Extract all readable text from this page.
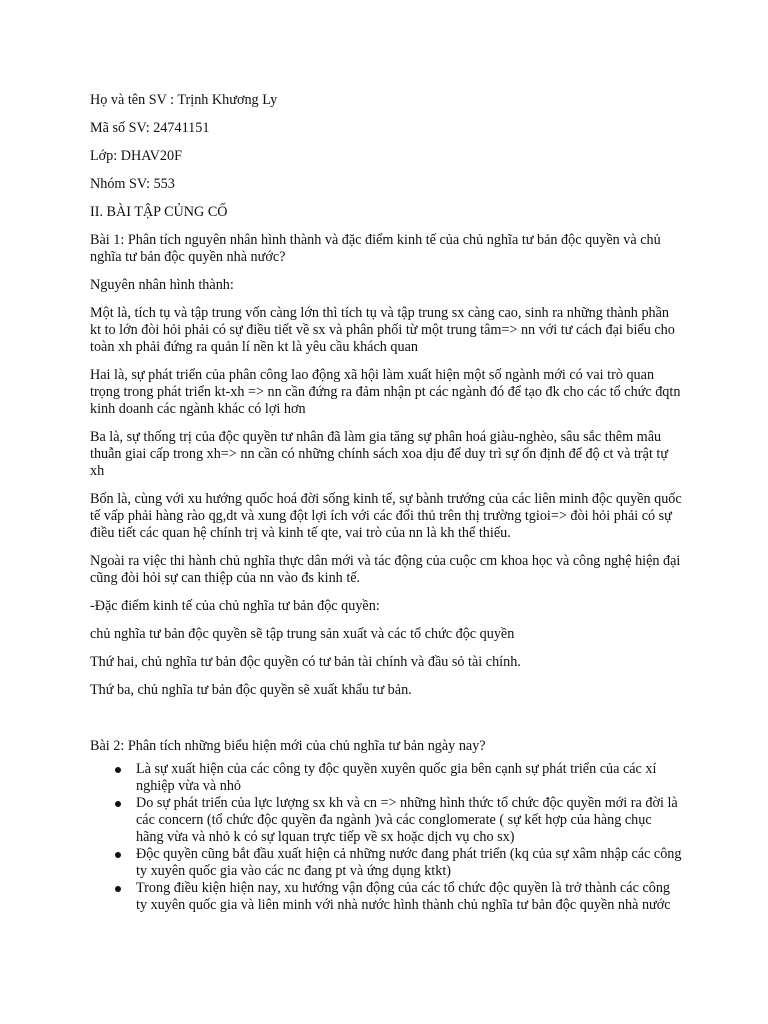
Họ và tên SV : Trịnh Khương Ly

Mã số SV: 24741151

Lớp: DHAV20F

Nhóm SV: 553

II. BÀI TẬP CỦNG CỐ

Bài 1: Phân tích nguyên nhân hình thành và đặc điểm kinh tế của chủ nghĩa tư bản độc quyền và chủ nghĩa tư bản độc quyền nhà nước?

Nguyên nhân hình thành:

Một là, tích tụ và tập trung vốn càng lớn thì tích tụ và tập trung sx càng cao, sinh ra những thành phần kt to lớn đòi hỏi phải có sự điều tiết về sx và phân phối từ một trung tâm=> nn với tư cách đại biểu cho toàn xh phải đứng ra quản lí nền kt là yêu cầu khách quan

Hai là, sự phát triển của phân công lao động xã hội làm xuất hiện một số ngành mới có vai trò quan trọng trong phát triển kt-xh => nn cần đứng ra đảm nhận pt các ngành đó để tạo đk cho các tổ chức đqtn kinh doanh các ngành khác có lợi hơn

Ba là, sự thống trị của độc quyền tư nhân đã làm gia tăng sự phân hoá giàu-nghèo, sâu sắc thêm mâu thuẫn giai cấp trong xh=> nn cần có những chính sách xoa dịu để duy trì sự ổn định để độ ct và trật tự xh

Bốn là, cùng với xu hướng quốc hoá đời sống kinh tế, sự bành trướng của các liên minh độc quyền quốc tế vấp phải hàng rào qg,dt và xung đột lợi ích với các đối thủ trên thị trường tgioi=> đòi hỏi phải có sự điều tiết các quan hệ chính trị và kinh tế qte, vai trò của nn là kh thể thiếu.

Ngoài ra việc thi hành chủ nghĩa thực dân mới và tác động của cuộc cm khoa học và công nghệ hiện đại cũng đòi hỏi sự can thiệp của nn vào đs kinh tế.

-Đặc điểm kinh tế của chủ nghĩa tư bản độc quyền:

chủ nghĩa tư bản độc quyền sẽ tập trung sản xuất và các tổ chức độc quyền

Thứ hai, chủ nghĩa tư bản độc quyền có tư bản tài chính và đầu sỏ tài chính.

Thứ ba, chủ nghĩa tư bản độc quyền sẽ xuất khẩu tư bản.

Bài 2: Phân tích những biểu hiện mới của chủ nghĩa tư bản ngày nay?

Là sự xuất hiện của các công ty độc quyền xuyên quốc gia bên cạnh sự phát triển của các xí nghiệp vừa và nhỏ
Do sự phát triển của lực lượng sx kh và cn => những hình thức tổ chức độc quyền mới ra đời là các concern (tổ chức độc quyền đa ngành )và các conglomerate ( sự kết hợp của hàng chục hãng vừa và nhỏ k có sự lquan trực tiếp về sx hoặc dịch vụ cho sx)
Độc quyền cũng bắt đầu xuất hiện cả những nước đang phát triển (kq của sự xâm nhập các công ty xuyên quốc gia vào các nc đang pt và ứng dụng ktkt)
Trong điều kiện hiện nay, xu hướng vận động của các tổ chức độc quyền là trở thành các công ty xuyên quốc gia và liên minh với nhà nước hình thành chủ nghĩa tư bản độc quyền nhà nước
